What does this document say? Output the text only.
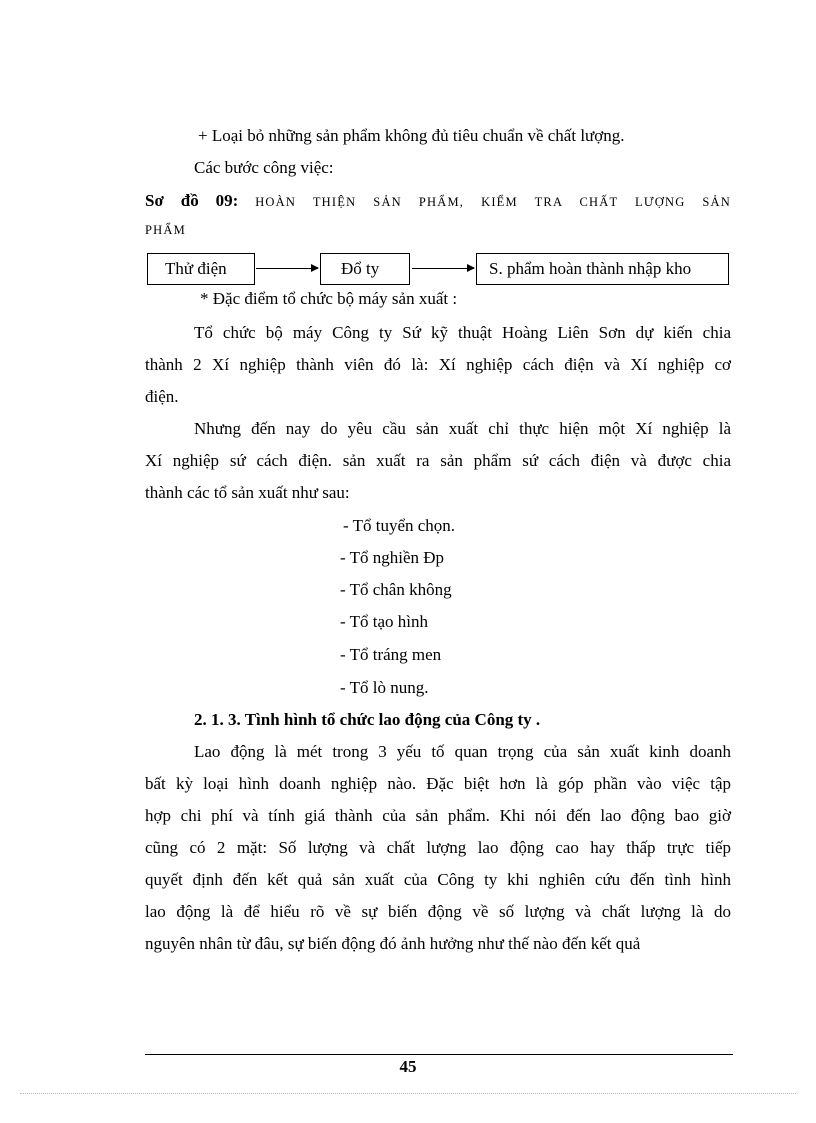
+ Loại bỏ những sản phẩm không đủ tiêu chuẩn về chất lượng.
Các bước công việc:
Sơ đồ 09: HOÀN THIỆN SẢN PHẨM, KIỂM TRA CHẤT LƯỢNG SẢN
PHẨM
Thử điện	Đổ ty	S. phẩm hoàn thành nhập kho
* Đặc điểm tổ chức bộ máy sản xuất :
Tổ chức bộ máy Công ty Sứ kỹ thuật Hoàng Liên Sơn dự kiến chia
thành 2 Xí nghiệp thành viên đó là: Xí nghiệp cách điện và Xí nghiệp cơ
điện.
Nhưng đến nay do yêu cầu sản xuất chỉ thực hiện một Xí nghiệp là
Xí nghiệp sứ cách điện. sản xuất ra sản phẩm sứ cách điện và được chia
thành các tổ sản xuất như sau:
- Tổ tuyển chọn.
- Tổ nghiền Đp
- Tổ chân không
- Tổ tạo hình
- Tổ tráng men
- Tổ lò nung.
2. 1. 3. Tình hình tổ chức lao động của Công ty .
Lao động là mét trong 3 yếu tố quan trọng của sản xuất kinh doanh
bất kỳ loại hình doanh nghiệp nào. Đặc biệt hơn là góp phần vào việc tập
hợp chi phí và tính giá thành của sản phẩm. Khi nói đến lao động bao giờ
cũng có 2 mặt: Số lượng và chất lượng lao động cao hay thấp trực tiếp
quyết định đến kết quả sản xuất của Công ty khi nghiên cứu đến tình hình
lao động là để hiểu rõ về sự biến động về số lượng và chất lượng là do
nguyên nhân từ đâu, sự biến động đó ảnh hưởng như thế nào đến kết quả
45
